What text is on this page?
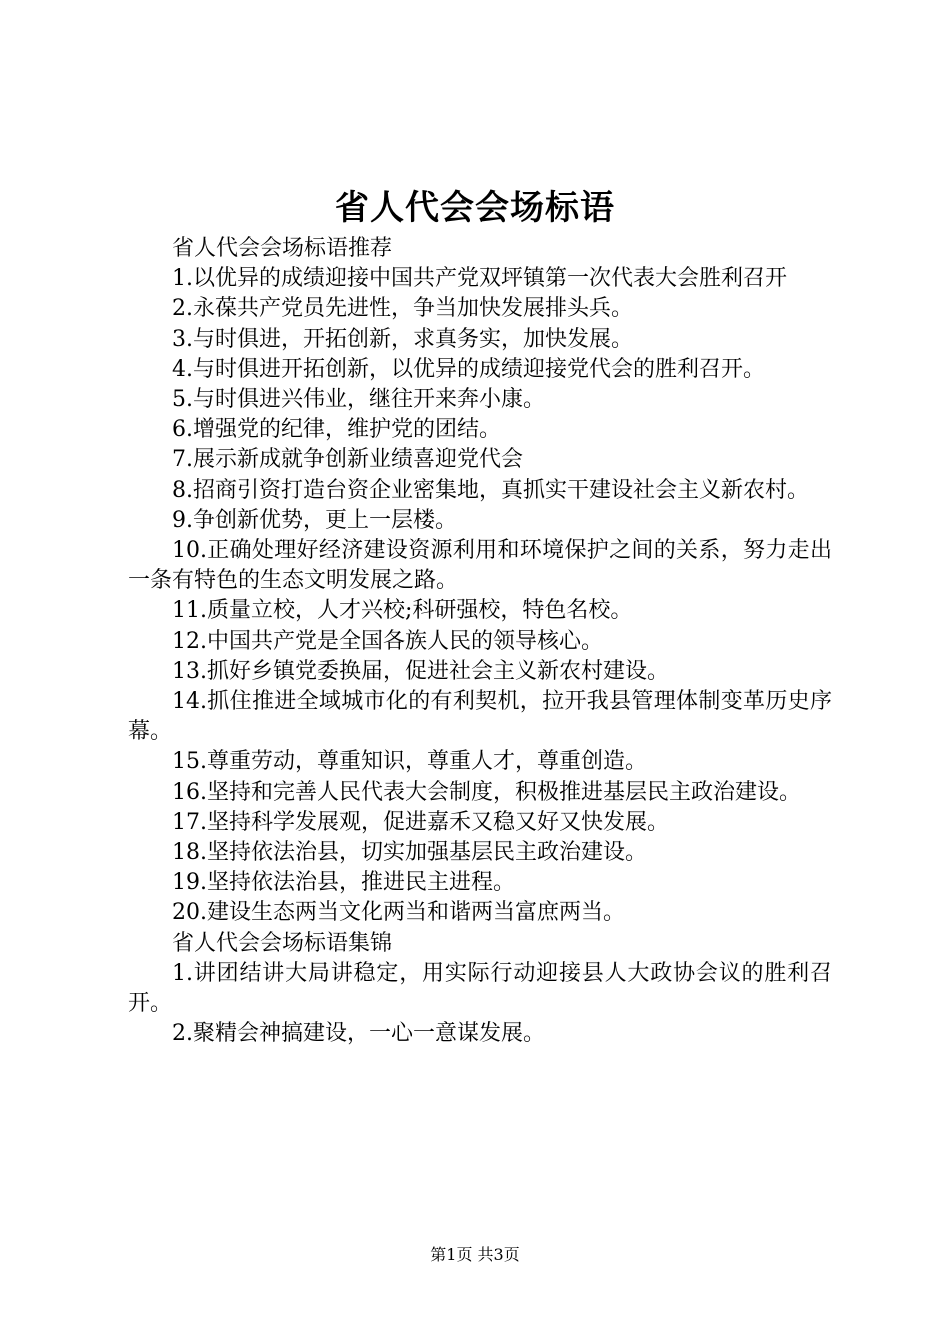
省人代会会场标语

省人代会会场标语推荐

1.以优异的成绩迎接中国共产党双坪镇第一次代表大会胜利召开

2.永葆共产党员先进性，争当加快发展排头兵。

3.与时俱进，开拓创新，求真务实，加快发展。

4.与时俱进开拓创新，以优异的成绩迎接党代会的胜利召开。

5.与时俱进兴伟业，继往开来奔小康。

6.增强党的纪律，维护党的团结。

7.展示新成就争创新业绩喜迎党代会

8.招商引资打造台资企业密集地，真抓实干建设社会主义新农村。

9.争创新优势，更上一层楼。

10.正确处理好经济建设资源利用和环境保护之间的关系，努力走出一条有特色的生态文明发展之路。

11.质量立校，人才兴校;科研强校，特色名校。

12.中国共产党是全国各族人民的领导核心。

13.抓好乡镇党委换届，促进社会主义新农村建设。

14.抓住推进全域城市化的有利契机，拉开我县管理体制变革历史序幕。

15.尊重劳动，尊重知识，尊重人才，尊重创造。

16.坚持和完善人民代表大会制度，积极推进基层民主政治建设。

17.坚持科学发展观，促进嘉禾又稳又好又快发展。

18.坚持依法治县，切实加强基层民主政治建设。

19.坚持依法治县，推进民主进程。

20.建设生态两当文化两当和谐两当富庶两当。

省人代会会场标语集锦

1.讲团结讲大局讲稳定，用实际行动迎接县人大政协会议的胜利召开。

2.聚精会神搞建设，一心一意谋发展。

第1页 共3页
